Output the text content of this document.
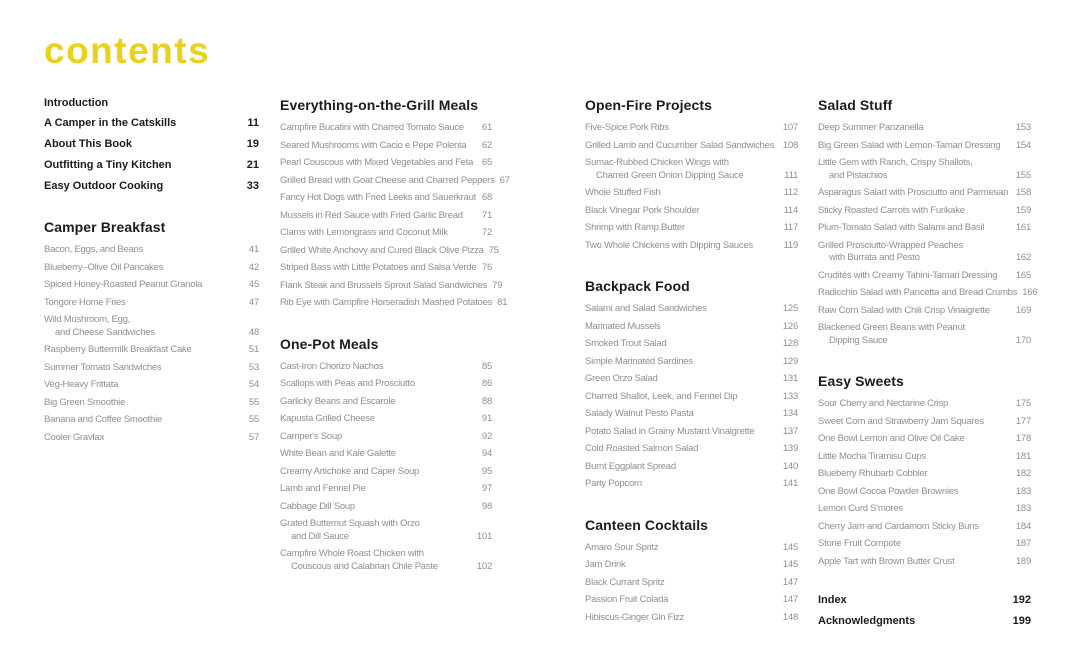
contents
Introduction
A Camper in the Catskills	11
About This Book	19
Outfitting a Tiny Kitchen	21
Easy Outdoor Cooking	33
Camper Breakfast
Bacon, Eggs, and Beans	41
Blueberry–Olive Oil Pancakes	42
Spiced Honey-Roasted Peanut Granola	45
Tongore Home Fries	47
Wild Mushroom, Egg,
and Cheese Sandwiches	48
Raspberry Buttermilk Breakfast Cake	51
Summer Tomato Sandwiches	53
Veg-Heavy Frittata	54
Big Green Smoothie	55
Banana and Coffee Smoothie	55
Cooler Gravlax	57
Everything-on-the-Grill Meals
Campfire Bucatini with Charred Tomato Sauce 61
Seared Mushrooms with Cacio e Pepe Polenta 62
Pearl Couscous with Mixed Vegetables and Feta 65
Grilled Bread with Goat Cheese and Charred Peppers 67
Fancy Hot Dogs with Fried Leeks and Sauerkraut 68
Mussels in Red Sauce with Fried Garlic Bread 71
Clams with Lemongrass and Coconut Milk	72
Grilled White Anchovy and Cured Black Olive Pizza 75
Striped Bass with Little Potatoes and Salsa Verde 76
Flank Steak and Brussels Sprout Salad Sandwiches 79
Rib Eye with Campfire Horseradish Mashed Potatoes 81
One-Pot Meals
Cast-Iron Chorizo Nachos	85
Scallops with Peas and Prosciutto	86
Garlicky Beans and Escarole	88
Kapusta Grilled Cheese	91
Camper's Soup	92
White Bean and Kale Galette	94
Creamy Artichoke and Caper Soup	95
Lamb and Fennel Pie	97
Cabbage Dill Soup	98
Grated Butternut Squash with Orzo
and Dill Sauce	101
Campfire Whole Roast Chicken with
Couscous and Calabrian Chile Paste	102
Open-Fire Projects
Five-Spice Pork Ribs	107
Grilled Lamb and Cucumber Salad Sandwiches 108
Sumac-Rubbed Chicken Wings with
Charred Green Onion Dipping Sauce	111
Whole Stuffed Fish	112
Black Vinegar Pork Shoulder	114
Shrimp with Ramp Butter	117
Two Whole Chickens with Dipping Sauces	119
Backpack Food
Salami and Salad Sandwiches	125
Marinated Mussels	126
Smoked Trout Salad	128
Simple Marinated Sardines	129
Green Orzo Salad	131
Charred Shallot, Leek, and Fennel Dip	133
Salady Walnut Pesto Pasta	134
Potato Salad in Grainy Mustard Vinaigrette	137
Cold Roasted Salmon Salad	139
Burnt Eggplant Spread	140
Party Popcorn	141
Canteen Cocktails
Amaro Sour Spritz	145
Jam Drink	145
Black Currant Spritz	147
Passion Fruit Colada	147
Hibiscus-Ginger Gin Fizz	148
Salad Stuff
Deep Summer Panzanella	153
Big Green Salad with Lemon-Tamari Dressing 154
Little Gem with Ranch, Crispy Shallots,
and Pistachios	155
Asparagus Salad with Prosciutto and Parmesan 158
Sticky Roasted Carrots with Furikake	159
Plum-Tomato Salad with Salami and Basil	161
Grilled Prosciutto-Wrapped Peaches
with Burrata and Pesto	162
Crudités with Creamy Tahini-Tamari Dressing 165
Radicchio Salad with Pancetta and Bread Crumbs 166
Raw Corn Salad with Chili Crisp Vinaigrette	169
Blackened Green Beans with Peanut
Dipping Sauce	170
Easy Sweets
Sour Cherry and Nectarine Crisp	175
Sweet Corn and Strawberry Jam Squares	177
One Bowl Lemon and Olive Oil Cake	178
Little Mocha Tiramisu Cups	181
Blueberry Rhubarb Cobbler	182
One Bowl Cocoa Powder Brownies	183
Lemon Curd S'mores	183
Cherry Jam and Cardamom Sticky Buns	184
Stone Fruit Compote	187
Apple Tart with Brown Butter Crust	189
Index	192
Acknowledgments	199
